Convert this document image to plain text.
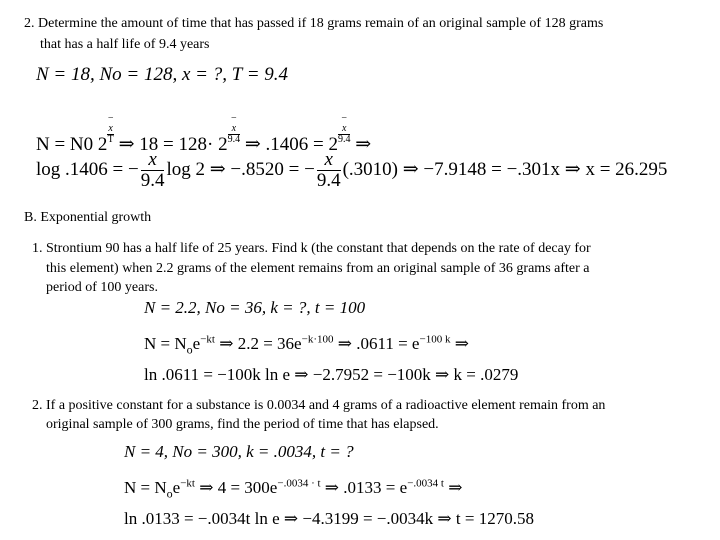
2. Determine the amount of time that has passed if 18 grams remain of an original sample of 128 grams
that has a half life of 9.4 years
N = 18, No = 128, x = ?, T = 9.4
N = N0 2−
x
T ⇒ 18 = 128· 2−
x
9.4 ⇒ .1406 = 2−
x
9.4 ⇒
log .1406 = − $\frac{x}{9.4}$ log 2 ⇒ −.8520 = − $\frac{x}{9.4} (.3010)$ ⇒ −7.9148 = −.301x ⇒ x = 26.295
B. Exponential growth
1. Strontium 90 has a half life of 25 years. Find k (the constant that depends on the rate of decay for
this element) when 2.2 grams of the element remains from an original sample of 36 grams after a
period of 100 years.
N = 2.2, No = 36, k = ?, t = 100
$N = N_oe^{-kt}$ ⇒ $2.2 = 36e^{-k\cdot 100}$ ⇒ $.0611 = e^{-100 k}$ ⇒
ln .0611 = −100k ln e ⇒ −2.7952 = −100k ⇒ k = .0279
2. If a positive constant for a substance is 0.0034 and 4 grams of a radioactive element remain from an
original sample of 300 grams, find the period of time that has elapsed.
N = 4, No = 300, k = .0034, t = ?
$N = N_oe^{-kt}$ ⇒ $4 = 300e^{-.0034 \cdot t}$ ⇒ $.0133 = e^{-.0034 t}$ ⇒
ln .0133 = −.0034t ln e ⇒ −4.3199 = −.0034k ⇒ t = 1270.58
